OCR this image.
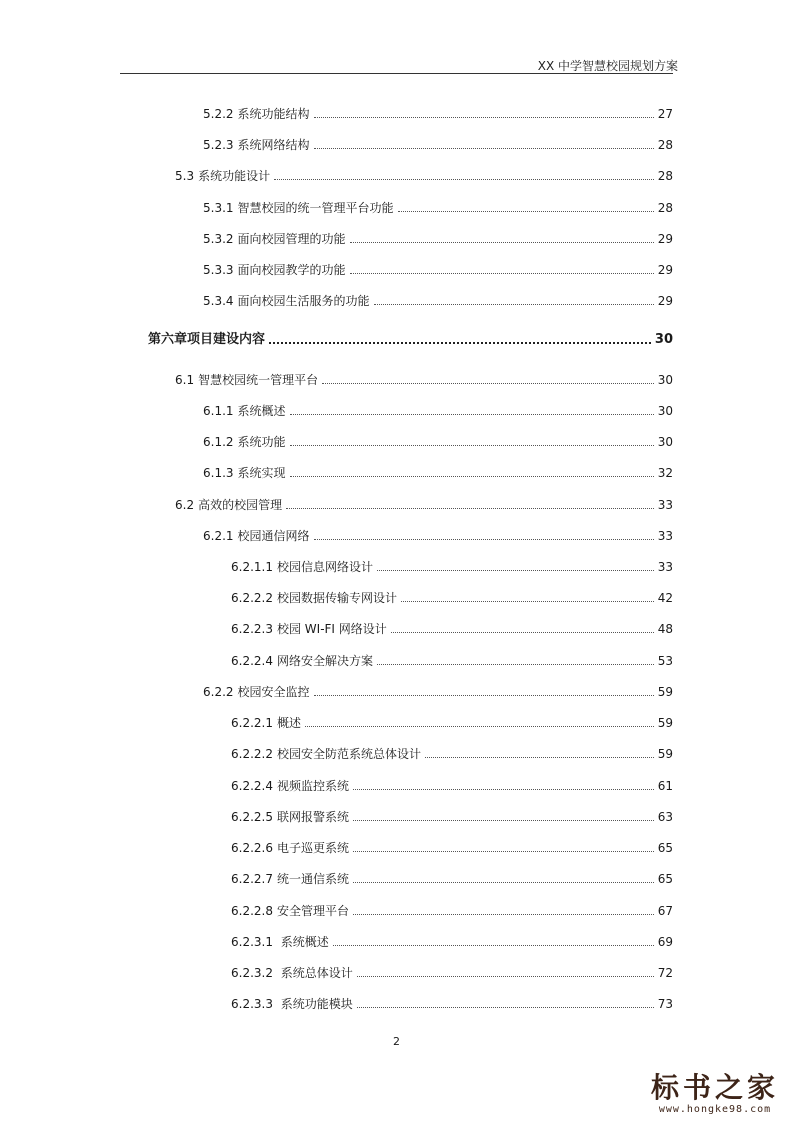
XX 中学智慧校园规划方案
5.2.2 系统功能结构	27
5.2.3 系统网络结构	28
5.3 系统功能设计	28
5.3.1 智慧校园的统一管理平台功能	28
5.3.2 面向校园管理的功能	29
5.3.3 面向校园教学的功能	29
5.3.4 面向校园生活服务的功能	29
第六章项目建设内容	30
6.1 智慧校园统一管理平台	30
6.1.1 系统概述	30
6.1.2 系统功能	30
6.1.3 系统实现	32
6.2 高效的校园管理	33
6.2.1 校园通信网络	33
6.2.1.1 校园信息网络设计	33
6.2.2.2 校园数据传输专网设计	42
6.2.2.3 校园 WI-FI 网络设计	48
6.2.2.4 网络安全解决方案	53
6.2.2 校园安全监控	59
6.2.2.1 概述	59
6.2.2.2 校园安全防范系统总体设计	59
6.2.2.4 视频监控系统	61
6.2.2.5 联网报警系统	63
6.2.2.6 电子巡更系统	65
6.2.2.7 统一通信系统	65
6.2.2.8 安全管理平台	67
6.2.3.1 系统概述	69
6.2.3.2 系统总体设计	72
6.2.3.3 系统功能模块	73
2
标书之家
www.hongke98.com
